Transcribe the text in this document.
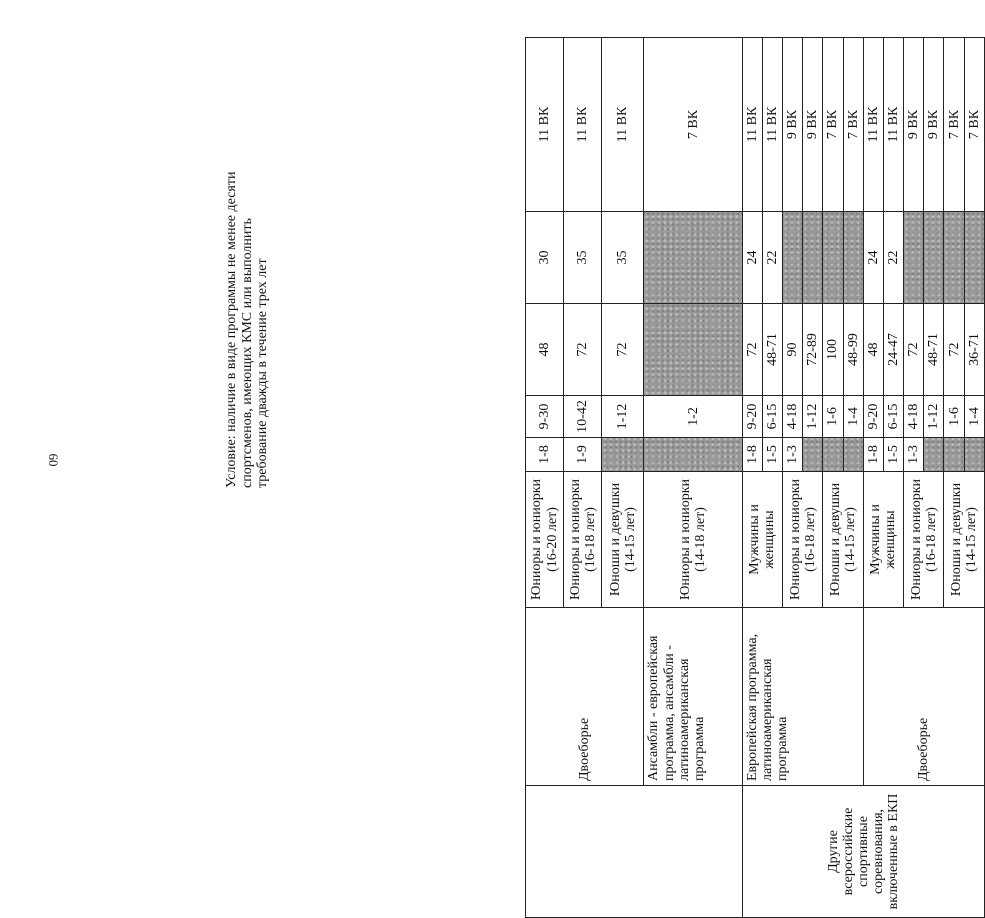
60
	Двоеборье	Юниоры и юниорки (16-20 лет)	1-8	9-30	48	30	11 ВК

		Юниоры и юниорки (16-18 лет)	1-9	10-42	72	35	11 ВК

		Юноши и девушки (14-15 лет)		1-12	72	35	11 ВК
	Ансамбли - европейская программа, ансамбли - латиноамериканская программа	Юниоры и юниорки (14-18 лет)		1-2			7 ВК
Другие всероссийские спортивные соревнования, включенные в ЕКП	Европейская программа, латиноамериканская программа	Мужчины и женщины	1-8	9-20	72	24	11 ВК
			1-5	6-15	48-71	22	11 ВК

		Юниоры и юниорки (16-18 лет)	1-3	4-18	90		9 ВК
				1-12	72-89		9 ВК

		Юноши и девушки (14-15 лет)		1-6	100		7 ВК
				1-4	48-99		7 ВК
	Двоеборье	Мужчины и женщины	1-8	9-20	48	24	11 ВК
			1-5	6-15	24-47	22	11 ВК

		Юниоры и юниорки (16-18 лет)	1-3	4-18	72		9 ВК
				1-12	48-71		9 ВК

		Юноши и девушки (14-15 лет)		1-6	72		7 ВК
				1-4	36-71		7 ВК
Условие: наличие в виде программы не менее десяти спортсменов, имеющих КМС или выполнить требование дважды в течение трех лет
